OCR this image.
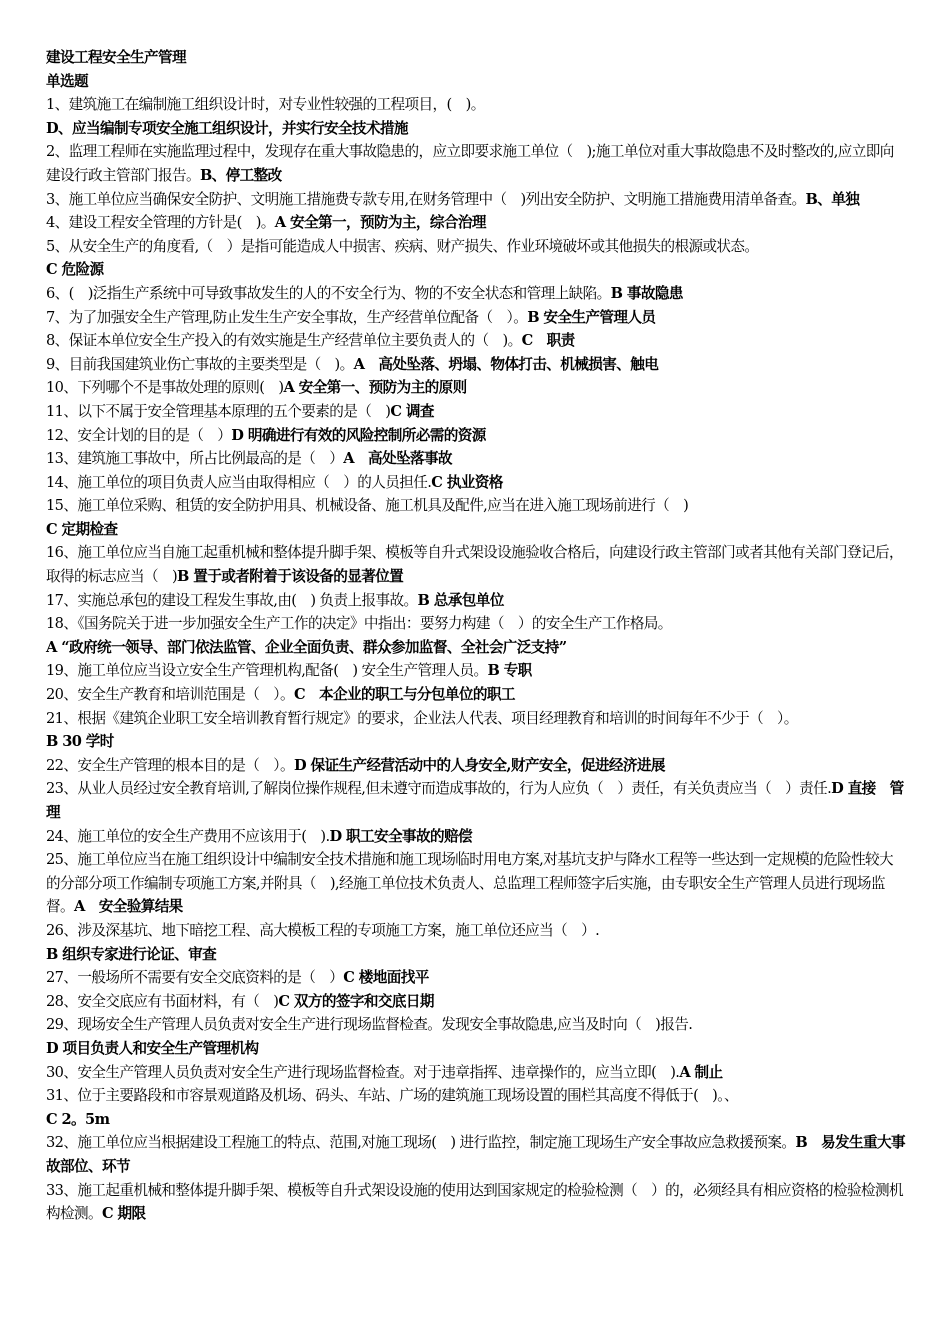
建设工程安全生产管理

单选题

1、建筑施工在编制施工组织设计时，对专业性较强的工程项目，(　)。

D、应当编制专项安全施工组织设计，并实行安全技术措施

2、监理工程师在实施监理过程中，发现存在重大事故隐患的，应立即要求施工单位（　);施工单位对重大事故隐患不及时整改的,应立即向建设行政主管部门报告。B、停工整改

3、施工单位应当确保安全防护、文明施工措施费专款专用,在财务管理中（　)列出安全防护、文明施工措施费用清单备查。B、单独

4、建设工程安全管理的方针是(　)。A 安全第一，预防为主，综合治理

5、从安全生产的角度看,（　）是指可能造成人中损害、疾病、财产损失、作业环境破坏或其他损失的根源或状态。

C 危险源

6、(　)泛指生产系统中可导致事故发生的人的不安全行为、物的不安全状态和管理上缺陷。B 事故隐患

7、为了加强安全生产管理,防止发生生产安全事故，生产经营单位配备（　）。B 安全生产管理人员

8、保证本单位安全生产投入的有效实施是生产经营单位主要负责人的（　)。C　职责

9、目前我国建筑业伤亡事故的主要类型是（　)。A　高处坠落、坍塌、物体打击、机械损害、触电

10、下列哪个不是事故处理的原则(　)A 安全第一、预防为主的原则

11、以下不属于安全管理基本原理的五个要素的是（　)C 调查

12、安全计划的目的是（　）D 明确进行有效的风险控制所必需的资源

13、建筑施工事故中，所占比例最高的是（　）A　高处坠落事故

14、施工单位的项目负责人应当由取得相应（　）的人员担任.C 执业资格

15、施工单位采购、租赁的安全防护用具、机械设备、施工机具及配件,应当在进入施工现场前进行（　)

C 定期检查

16、施工单位应当自施工起重机械和整体提升脚手架、模板等自升式架设设施验收合格后，向建设行政主管部门或者其他有关部门登记后，取得的标志应当（　)B 置于或者附着于该设备的显著位置

17、实施总承包的建设工程发生事故,由(　) 负责上报事故。B 总承包单位

18、《国务院关于进一步加强安全生产工作的决定》中指出：要努力构建（　）的安全生产工作格局。

A “政府统一领导、部门依法监管、企业全面负责、群众参加监督、全社会广泛支持”

19、施工单位应当设立安全生产管理机构,配备(　) 安全生产管理人员。B 专职

20、安全生产教育和培训范围是（　）。C　本企业的职工与分包单位的职工

21、根据《建筑企业职工安全培训教育暂行规定》的要求，企业法人代表、项目经理教育和培训的时间每年不少于（　）。

B 30 学时

22、安全生产管理的根本目的是（　）。D 保证生产经营活动中的人身安全,财产安全，促进经济进展

23、从业人员经过安全教育培训,了解岗位操作规程,但未遵守而造成事故的，行为人应负（　）责任，有关负责应当（　）责任.D 直接　管理

24、施工单位的安全生产费用不应该用于(　).D 职工安全事故的赔偿

25、施工单位应当在施工组织设计中编制安全技术措施和施工现场临时用电方案,对基坑支护与降水工程等一些达到一定规模的危险性较大的分部分项工作编制专项施工方案,并附具（　),经施工单位技术负责人、总监理工程师签字后实施，由专职安全生产管理人员进行现场监督。A　安全验算结果

26、涉及深基坑、地下暗挖工程、高大模板工程的专项施工方案，施工单位还应当（　）.

B 组织专家进行论证、审查

27、一般场所不需要有安全交底资料的是（　）C 楼地面找平

28、安全交底应有书面材料，有（　)C 双方的签字和交底日期

29、现场安全生产管理人员负责对安全生产进行现场监督检查。发现安全事故隐患,应当及时向（　)报告.

D 项目负责人和安全生产管理机构

30、安全生产管理人员负责对安全生产进行现场监督检查。对于违章指挥、违章操作的，应当立即(　).A 制止

31、位于主要路段和市容景观道路及机场、码头、车站、广场的建筑施工现场设置的围栏其高度不得低于(　)。、

C 2。5m

32、施工单位应当根据建设工程施工的特点、范围,对施工现场(　) 进行监控，制定施工现场生产安全事故应急救援预案。B　易发生重大事故部位、环节

33、施工起重机械和整体提升脚手架、模板等自升式架设设施的使用达到国家规定的检验检测（　）的，必须经具有相应资格的检验检测机构检测。C 期限
